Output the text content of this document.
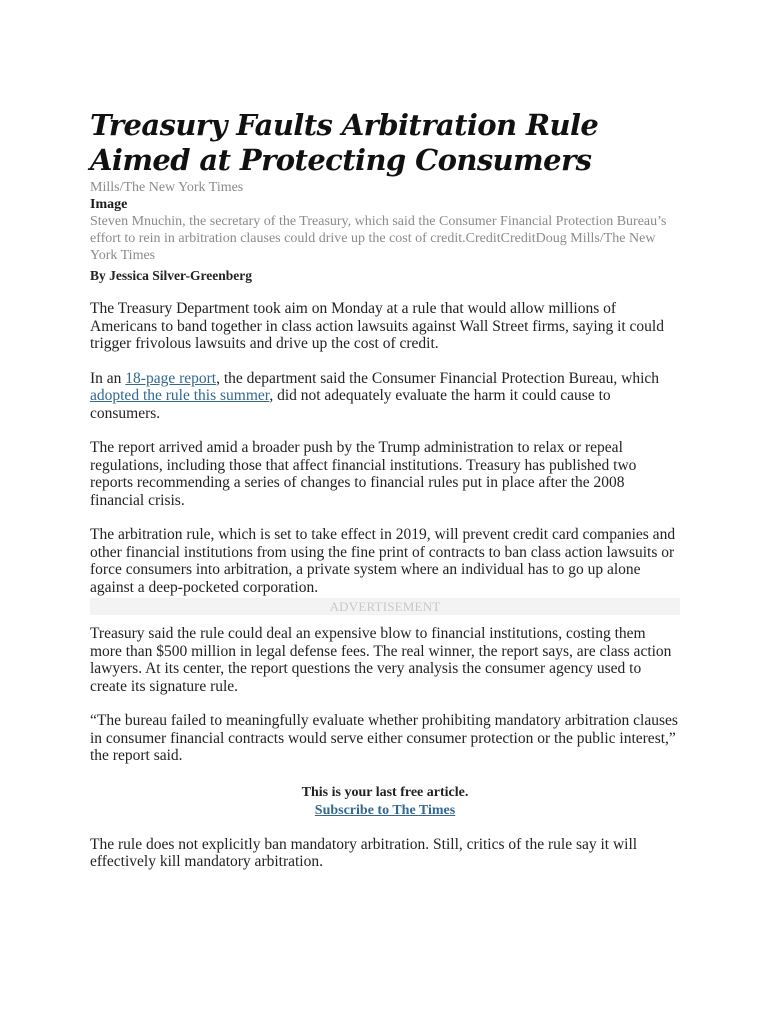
Treasury Faults Arbitration Rule Aimed at Protecting Consumers
Mills/The New York Times
Image
Steven Mnuchin, the secretary of the Treasury, which said the Consumer Financial Protection Bureau’s effort to rein in arbitration clauses could drive up the cost of credit.CreditCreditDoug Mills/The New York Times
By Jessica Silver-Greenberg

The Treasury Department took aim on Monday at a rule that would allow millions of Americans to band together in class action lawsuits against Wall Street firms, saying it could trigger frivolous lawsuits and drive up the cost of credit.

In an 18-page report, the department said the Consumer Financial Protection Bureau, which adopted the rule this summer, did not adequately evaluate the harm it could cause to consumers.

The report arrived amid a broader push by the Trump administration to relax or repeal regulations, including those that affect financial institutions. Treasury has published two reports recommending a series of changes to financial rules put in place after the 2008 financial crisis.

The arbitration rule, which is set to take effect in 2019, will prevent credit card companies and other financial institutions from using the fine print of contracts to ban class action lawsuits or force consumers into arbitration, a private system where an individual has to go up alone against a deep-pocketed corporation.

ADVERTISEMENT

Treasury said the rule could deal an expensive blow to financial institutions, costing them more than $500 million in legal defense fees. The real winner, the report says, are class action lawyers. At its center, the report questions the very analysis the consumer agency used to create its signature rule.

“The bureau failed to meaningfully evaluate whether prohibiting mandatory arbitration clauses in consumer financial contracts would serve either consumer protection or the public interest,” the report said.

This is your last free article.
Subscribe to The Times

The rule does not explicitly ban mandatory arbitration. Still, critics of the rule say it will effectively kill mandatory arbitration.
